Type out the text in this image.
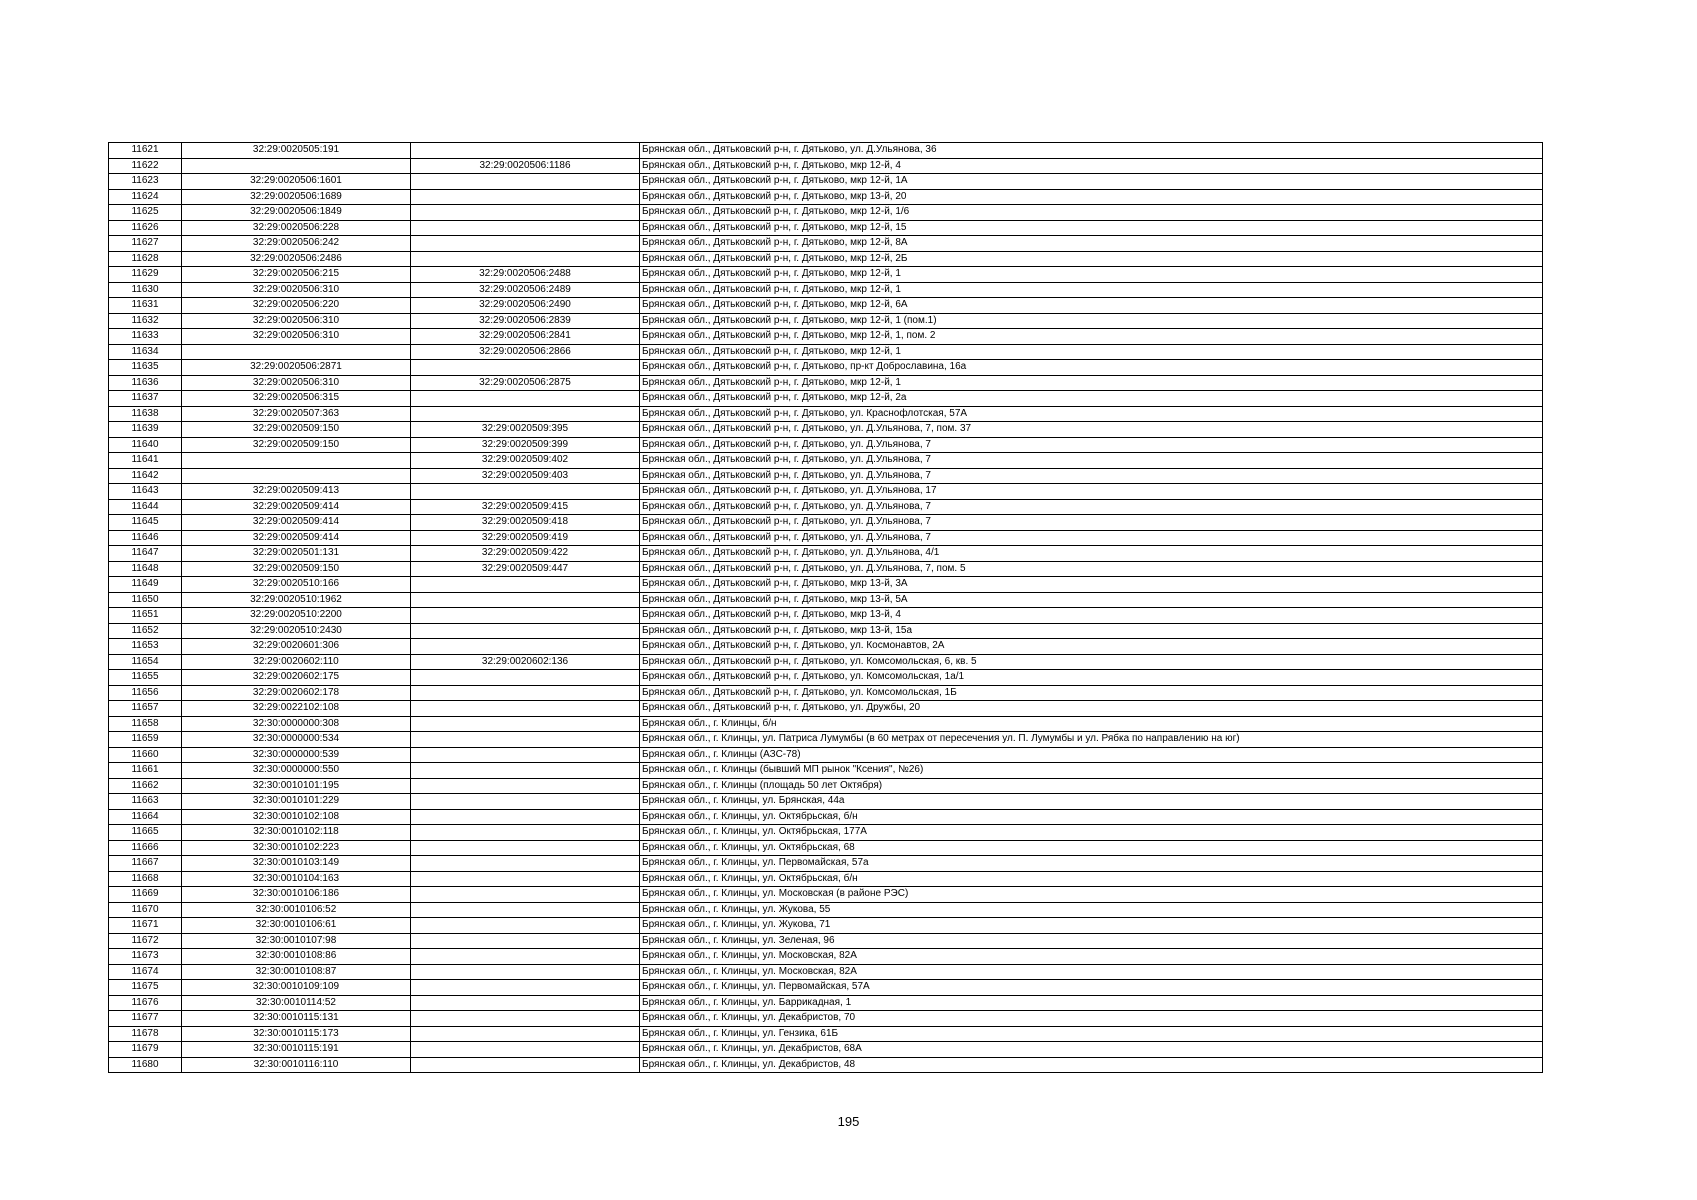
11621	32:29:0020505:191		Брянская обл., Дятьковский р-н, г. Дятьково, ул. Д.Ульянова, 36
11622		32:29:0020506:1186	Брянская обл., Дятьковский р-н, г. Дятьково, мкр 12-й, 4
11623	32:29:0020506:1601		Брянская обл., Дятьковский р-н, г. Дятьково, мкр 12-й, 1А
11624	32:29:0020506:1689		Брянская обл., Дятьковский р-н, г. Дятьково, мкр 13-й, 20
11625	32:29:0020506:1849		Брянская обл., Дятьковский р-н, г. Дятьково, мкр 12-й, 1/6
11626	32:29:0020506:228		Брянская обл., Дятьковский р-н, г. Дятьково, мкр 12-й, 15
11627	32:29:0020506:242		Брянская обл., Дятьковский р-н, г. Дятьково, мкр 12-й, 8А
11628	32:29:0020506:2486		Брянская обл., Дятьковский р-н, г. Дятьково, мкр 12-й, 2Б
11629	32:29:0020506:215	32:29:0020506:2488	Брянская обл., Дятьковский р-н, г. Дятьково, мкр 12-й, 1
11630	32:29:0020506:310	32:29:0020506:2489	Брянская обл., Дятьковский р-н, г. Дятьково, мкр 12-й, 1
11631	32:29:0020506:220	32:29:0020506:2490	Брянская обл., Дятьковский р-н, г. Дятьково, мкр 12-й, 6А
11632	32:29:0020506:310	32:29:0020506:2839	Брянская обл., Дятьковский р-н, г. Дятьково, мкр 12-й, 1 (пом.1)
11633	32:29:0020506:310	32:29:0020506:2841	Брянская обл., Дятьковский р-н, г. Дятьково, мкр 12-й, 1, пом. 2
11634		32:29:0020506:2866	Брянская обл., Дятьковский р-н, г. Дятьково, мкр 12-й, 1
11635	32:29:0020506:2871		Брянская обл., Дятьковский р-н, г. Дятьково, пр-кт Доброславина, 16а
11636	32:29:0020506:310	32:29:0020506:2875	Брянская обл., Дятьковский р-н, г. Дятьково, мкр 12-й, 1
11637	32:29:0020506:315		Брянская обл., Дятьковский р-н, г. Дятьково, мкр 12-й, 2а
11638	32:29:0020507:363		Брянская обл., Дятьковский р-н, г. Дятьково, ул. Краснофлотская, 57А
11639	32:29:0020509:150	32:29:0020509:395	Брянская обл., Дятьковский р-н, г. Дятьково, ул. Д.Ульянова, 7, пом. 37
11640	32:29:0020509:150	32:29:0020509:399	Брянская обл., Дятьковский р-н, г. Дятьково, ул. Д.Ульянова, 7
11641		32:29:0020509:402	Брянская обл., Дятьковский р-н, г. Дятьково, ул. Д.Ульянова, 7
11642		32:29:0020509:403	Брянская обл., Дятьковский р-н, г. Дятьково, ул. Д.Ульянова, 7
11643	32:29:0020509:413		Брянская обл., Дятьковский р-н, г. Дятьково, ул. Д.Ульянова, 17
11644	32:29:0020509:414	32:29:0020509:415	Брянская обл., Дятьковский р-н, г. Дятьково, ул. Д.Ульянова, 7
11645	32:29:0020509:414	32:29:0020509:418	Брянская обл., Дятьковский р-н, г. Дятьково, ул. Д.Ульянова, 7
11646	32:29:0020509:414	32:29:0020509:419	Брянская обл., Дятьковский р-н, г. Дятьково, ул. Д.Ульянова, 7
11647	32:29:0020501:131	32:29:0020509:422	Брянская обл., Дятьковский р-н, г. Дятьково, ул. Д.Ульянова, 4/1
11648	32:29:0020509:150	32:29:0020509:447	Брянская обл., Дятьковский р-н, г. Дятьково, ул. Д.Ульянова, 7, пом. 5
11649	32:29:0020510:166		Брянская обл., Дятьковский р-н, г. Дятьково, мкр 13-й, 3А
11650	32:29:0020510:1962		Брянская обл., Дятьковский р-н, г. Дятьково, мкр 13-й, 5А
11651	32:29:0020510:2200		Брянская обл., Дятьковский р-н, г. Дятьково, мкр 13-й, 4
11652	32:29:0020510:2430		Брянская обл., Дятьковский р-н, г. Дятьково, мкр 13-й, 15а
11653	32:29:0020601:306		Брянская обл., Дятьковский р-н, г. Дятьково, ул. Космонавтов, 2А
11654	32:29:0020602:110	32:29:0020602:136	Брянская обл., Дятьковский р-н, г. Дятьково, ул. Комсомольская, 6, кв. 5
11655	32:29:0020602:175		Брянская обл., Дятьковский р-н, г. Дятьково, ул. Комсомольская, 1а/1
11656	32:29:0020602:178		Брянская обл., Дятьковский р-н, г. Дятьково, ул. Комсомольская, 1Б
11657	32:29:0022102:108		Брянская обл., Дятьковский р-н, г. Дятьково, ул. Дружбы, 20
11658	32:30:0000000:308		Брянская обл., г. Клинцы, б/н
11659	32:30:0000000:534		Брянская обл., г. Клинцы, ул. Патриса Лумумбы (в 60 метрах от пересечения ул. П. Лумумбы и ул. Рябка по направлению на юг)
11660	32:30:0000000:539		Брянская обл., г. Клинцы (АЗС-78)
11661	32:30:0000000:550		Брянская обл., г. Клинцы (бывший МП рынок "Ксения", №26)
11662	32:30:0010101:195		Брянская обл., г. Клинцы (площадь 50 лет Октября)
11663	32:30:0010101:229		Брянская обл., г. Клинцы, ул. Брянская, 44а
11664	32:30:0010102:108		Брянская обл., г. Клинцы, ул. Октябрьская, б/н
11665	32:30:0010102:118		Брянская обл., г. Клинцы, ул. Октябрьская, 177А
11666	32:30:0010102:223		Брянская обл., г. Клинцы, ул. Октябрьская, 68
11667	32:30:0010103:149		Брянская обл., г. Клинцы, ул. Первомайская, 57а
11668	32:30:0010104:163		Брянская обл., г. Клинцы, ул. Октябрьская, б/н
11669	32:30:0010106:186		Брянская обл., г. Клинцы, ул. Московская (в районе РЭС)
11670	32:30:0010106:52		Брянская обл., г. Клинцы, ул. Жукова, 55
11671	32:30:0010106:61		Брянская обл., г. Клинцы, ул. Жукова, 71
11672	32:30:0010107:98		Брянская обл., г. Клинцы, ул. Зеленая, 96
11673	32:30:0010108:86		Брянская обл., г. Клинцы, ул. Московская, 82А
11674	32:30:0010108:87		Брянская обл., г. Клинцы, ул. Московская, 82А
11675	32:30:0010109:109		Брянская обл., г. Клинцы, ул. Первомайская, 57А
11676	32:30:0010114:52		Брянская обл., г. Клинцы, ул. Баррикадная, 1
11677	32:30:0010115:131		Брянская обл., г. Клинцы, ул. Декабристов, 70
11678	32:30:0010115:173		Брянская обл., г. Клинцы, ул. Гензика, 61Б
11679	32:30:0010115:191		Брянская обл., г. Клинцы, ул. Декабристов, 68А
11680	32:30:0010116:110		Брянская обл., г. Клинцы, ул. Декабристов, 48
195
